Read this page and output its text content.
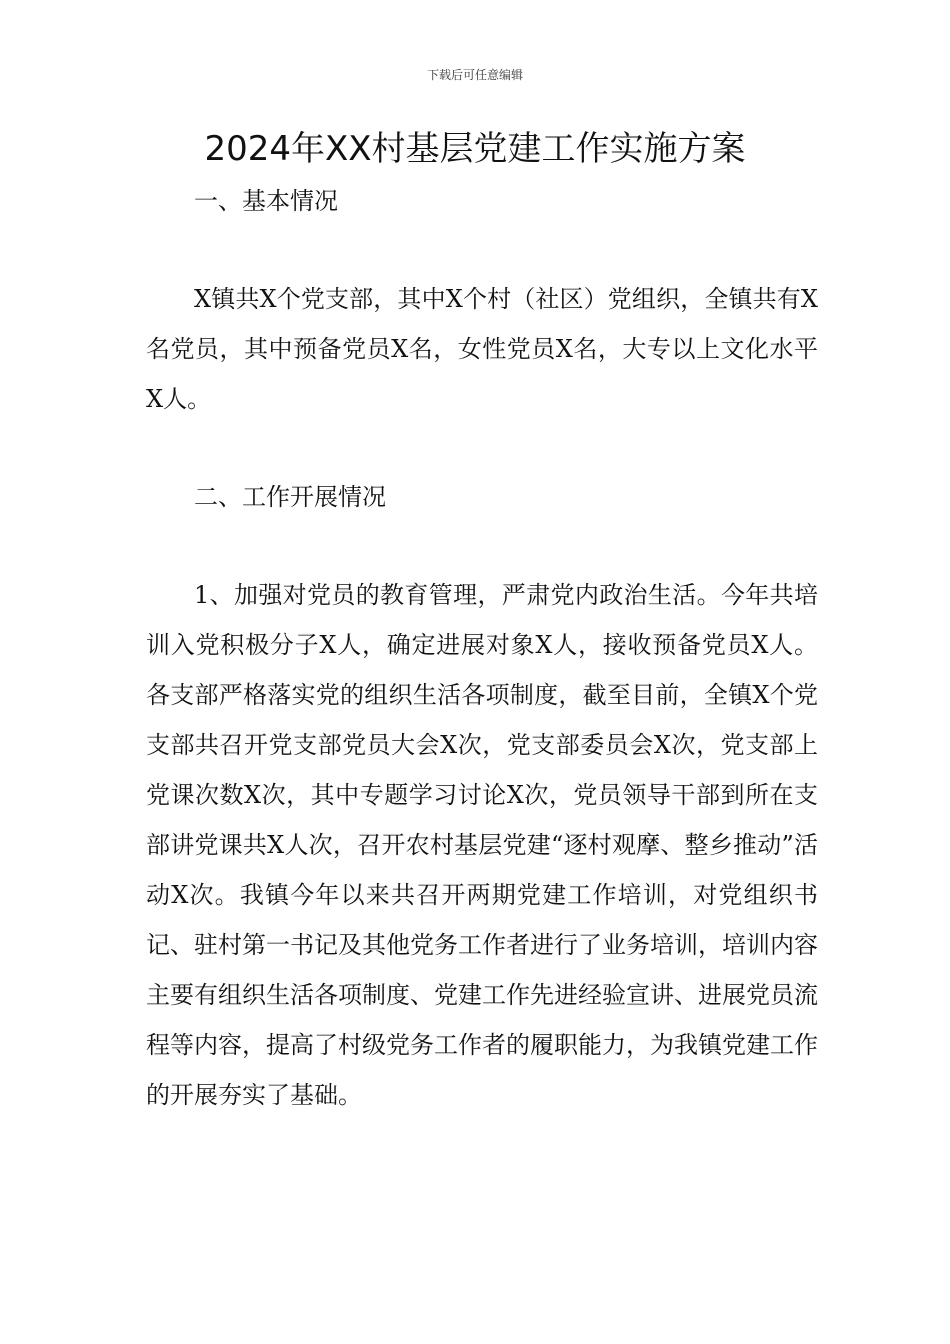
下载后可任意编辑
2024年XX村基层党建工作实施方案
一、基本情况

X镇共X个党支部，其中X个村（社区）党组织，全镇共有X名党员，其中预备党员X名，女性党员X名，大专以上文化水平X人。

二、工作开展情况

1、加强对党员的教育管理，严肃党内政治生活。今年共培训入党积极分子X人，确定进展对象X人，接收预备党员X人。各支部严格落实党的组织生活各项制度，截至目前，全镇X个党支部共召开党支部党员大会X次，党支部委员会X次，党支部上党课次数X次，其中专题学习讨论X次，党员领导干部到所在支部讲党课共X人次，召开农村基层党建“逐村观摩、整乡推动”活动X次。我镇今年以来共召开两期党建工作培训，对党组织书记、驻村第一书记及其他党务工作者进行了业务培训，培训内容主要有组织生活各项制度、党建工作先进经验宣讲、进展党员流程等内容，提高了村级党务工作者的履职能力，为我镇党建工作的开展夯实了基础。
